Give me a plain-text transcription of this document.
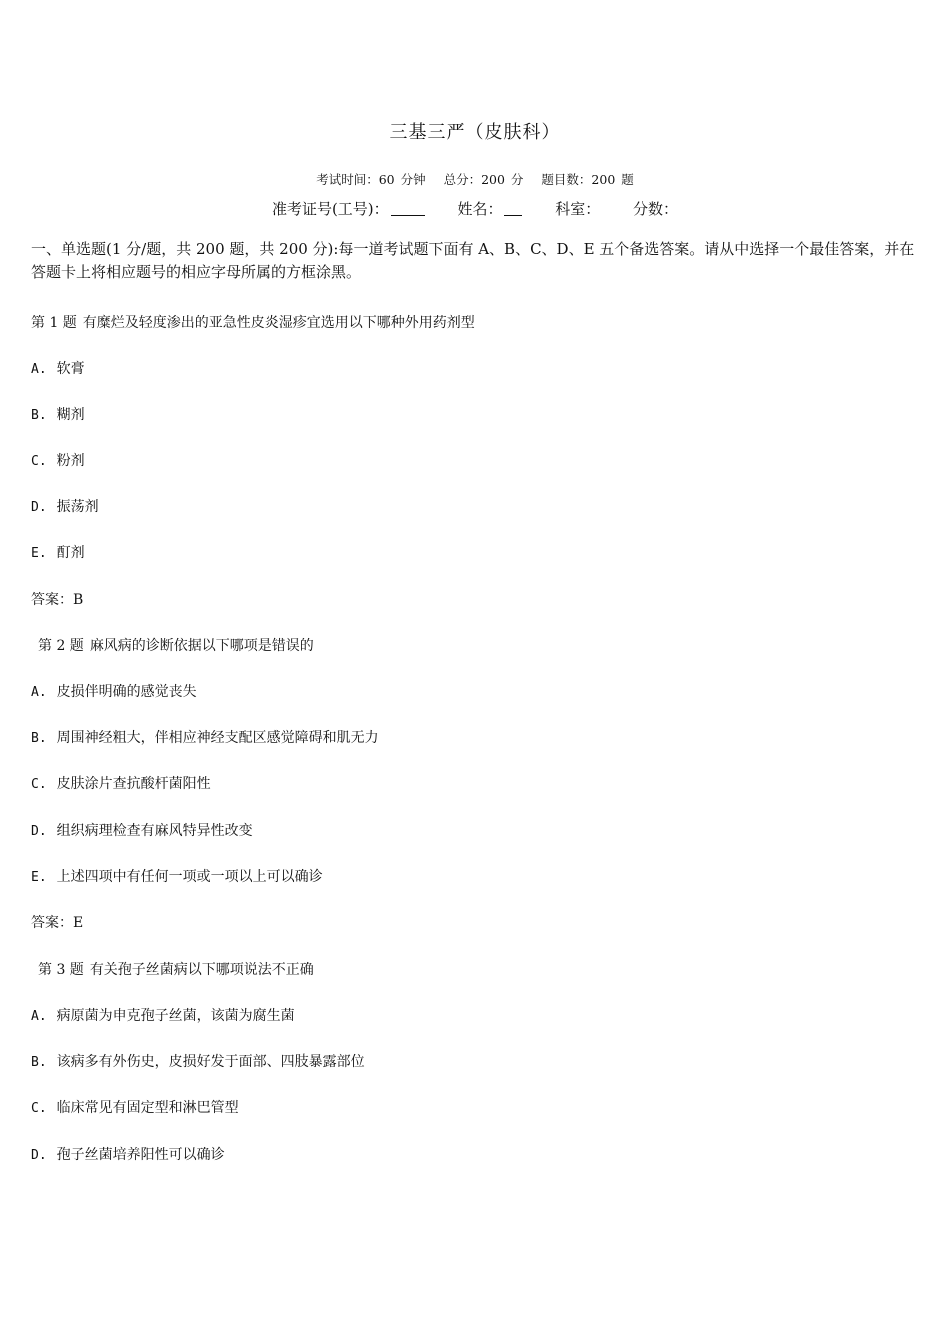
三基三严（皮肤科）
考试时间：60 分钟 总分：200 分 题目数：200 题
准考证号(工号)：	姓名：	科室： 分数：
一、单选题(1 分/题，共 200 题，共 200 分):每一道考试题下面有 A、B、C、D、E 五个备选答案。请从中选择一个最佳答案，并在答题卡上将相应题号的相应字母所属的方框涂黑。
第 1 题 有糜烂及轻度渗出的亚急性皮炎湿疹宜选用以下哪种外用药剂型
A. 软膏
B. 糊剂
C. 粉剂
D. 振荡剂
E. 酊剂
答案：B
第 2 题 麻风病的诊断依据以下哪项是错误的
A. 皮损伴明确的感觉丧失
B. 周围神经粗大，伴相应神经支配区感觉障碍和肌无力
C. 皮肤涂片查抗酸杆菌阳性
D. 组织病理检查有麻风特异性改变
E. 上述四项中有任何一项或一项以上可以确诊
答案：E
第 3 题 有关孢子丝菌病以下哪项说法不正确
A. 病原菌为申克孢子丝菌，该菌为腐生菌
B. 该病多有外伤史，皮损好发于面部、四肢暴露部位
C. 临床常见有固定型和淋巴管型
D. 孢子丝菌培养阳性可以确诊
